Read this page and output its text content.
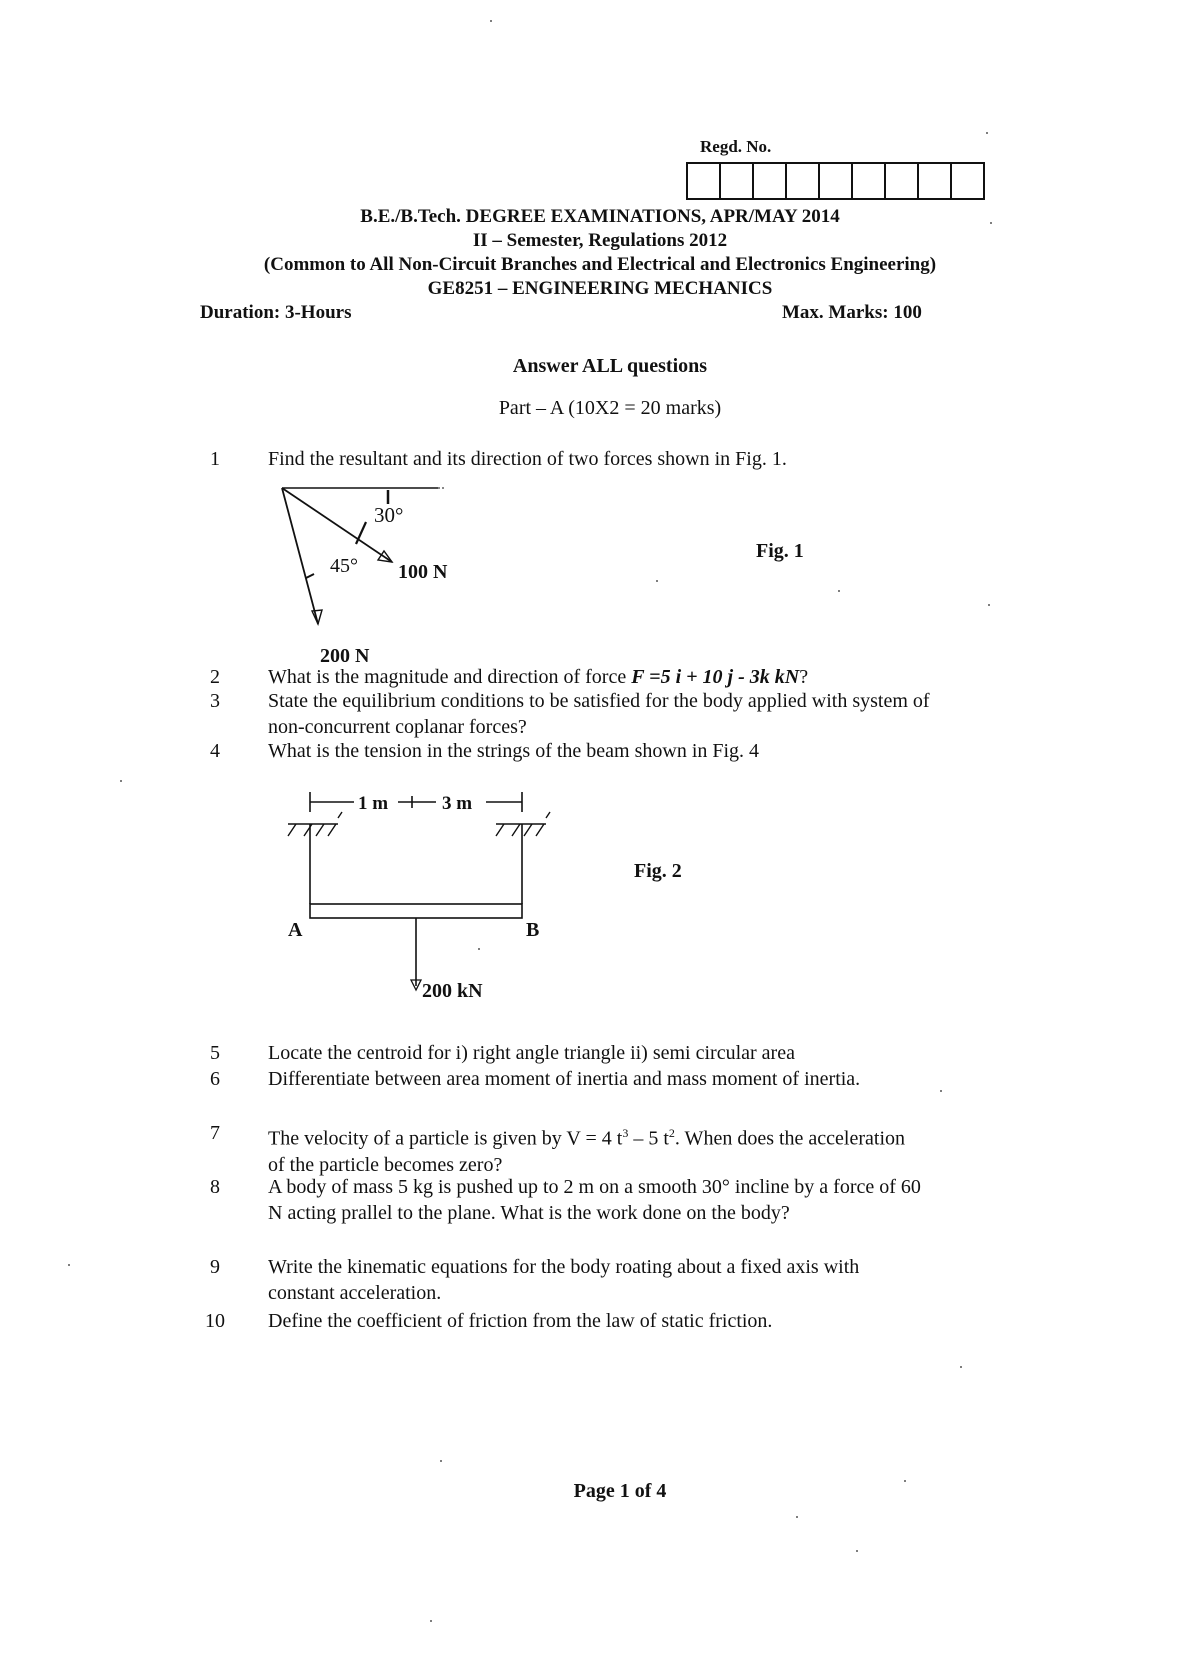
Regd. No.
B.E./B.Tech. DEGREE EXAMINATIONS, APR/MAY 2014
II – Semester, Regulations 2012
(Common to All Non-Circuit Branches and Electrical and Electronics Engineering)
GE8251 – ENGINEERING MECHANICS
Duration: 3-Hours	Max. Marks: 100
Answer ALL questions
Part – A (10X2 = 20 marks)
1	Find the resultant and its direction of two forces shown in Fig. 1.
30°
45° 100 N
200 N
Fig. 1
2	What is the magnitude and direction of force F =5 i + 10 j - 3k kN?
3	State the equilibrium conditions to be satisfied for the body applied with system of non-concurrent coplanar forces?
4	What is the tension in the strings of the beam shown in Fig. 4
1 m	3 m
A	B
200 kN
Fig. 2
5	Locate the centroid for i) right angle triangle ii) semi circular area
6	Differentiate between area moment of inertia and mass moment of inertia.
7	The velocity of a particle is given by V = 4 $t^3 - 5$ $t^2$. When does the acceleration of the particle becomes zero?
8	A body of mass 5 kg is pushed up to 2 m on a smooth 30° incline by a force of 60 N acting prallel to the plane. What is the work done on the body?
9	Write the kinematic equations for the body roating about a fixed axis with constant acceleration.
10 Define the coefficient of friction from the law of static friction.
Page 1 of 4
